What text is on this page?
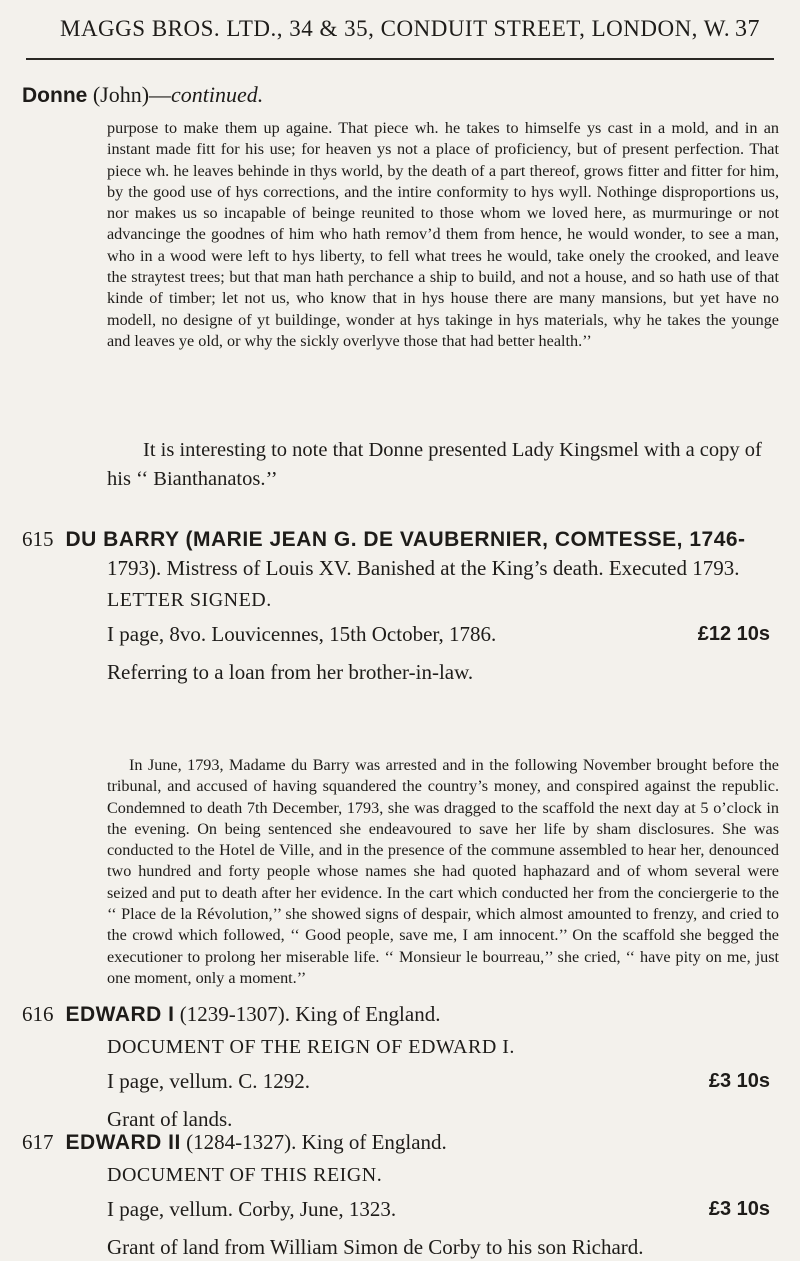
MAGGS BROS. LTD., 34 & 35, CONDUIT STREET, LONDON, W. 37
Donne (John)—continued.

purpose to make them up againe. That piece wh. he takes to himselfe ys cast in a mold, and in an instant made fitt for his use; for heaven ys not a place of proficiency, but of present perfection. That piece wh. he leaves behinde in thys world, by the death of a part thereof, grows fitter and fitter for him, by the good use of hys corrections, and the intire conformity to hys wyll. Nothinge disproportions us, nor makes us so incapable of beinge reunited to those whom we loved here, as murmuringe or not advancinge the goodnes of him who hath remov’d them from hence, he would wonder, to see a man, who in a wood were left to hys liberty, to fell what trees he would, take onely the crooked, and leave the straytest trees; but that man hath perchance a ship to build, and not a house, and so hath use of that kinde of timber; let not us, who know that in hys house there are many mansions, but yet have no modell, no designe of yt buildinge, wonder at hys takinge in hys materials, why he takes the younge and leaves ye old, or why the sickly overlyve those that had better health.’’

It is interesting to note that Donne presented Lady Kingsmel with a copy of his ‘‘ Bianthanatos.’’

615 DU BARRY (MARIE JEAN G. DE VAUBERNIER, COMTESSE, 1746-
1793). Mistress of Louis XV. Banished at the King’s death. Executed 1793.
LETTER SIGNED.
I page, 8vo. Louvicennes, 15th October, 1786.	£12 10s
Referring to a loan from her brother-in-law.

In June, 1793, Madame du Barry was arrested and in the following November brought before the tribunal, and accused of having squandered the country’s money, and conspired against the republic. Condemned to death 7th December, 1793, she was dragged to the scaffold the next day at 5 o’clock in the evening. On being sentenced she endeavoured to save her life by sham disclosures. She was conducted to the Hotel de Ville, and in the presence of the commune assembled to hear her, denounced two hundred and forty people whose names she had quoted haphazard and of whom several were seized and put to death after her evidence. In the cart which conducted her from the conciergerie to the ‘‘ Place de la Révolution,’’ she showed signs of despair, which almost amounted to frenzy, and cried to the crowd which followed, ‘‘ Good people, save me, I am innocent.’’ On the scaffold she begged the executioner to prolong her miserable life. ‘‘ Monsieur le bourreau,’’ she cried, ‘‘ have pity on me, just one moment, only a moment.’’

616 EDWARD I (1239-1307). King of England.
DOCUMENT OF THE REIGN OF EDWARD I.
I page, vellum. C. 1292.	£3 10s
Grant of lands.
617 EDWARD II (1284-1327). King of England.
DOCUMENT OF THIS REIGN.
I page, vellum. Corby, June, 1323.	£3 10s
Grant of land from William Simon de Corby to his son Richard.
